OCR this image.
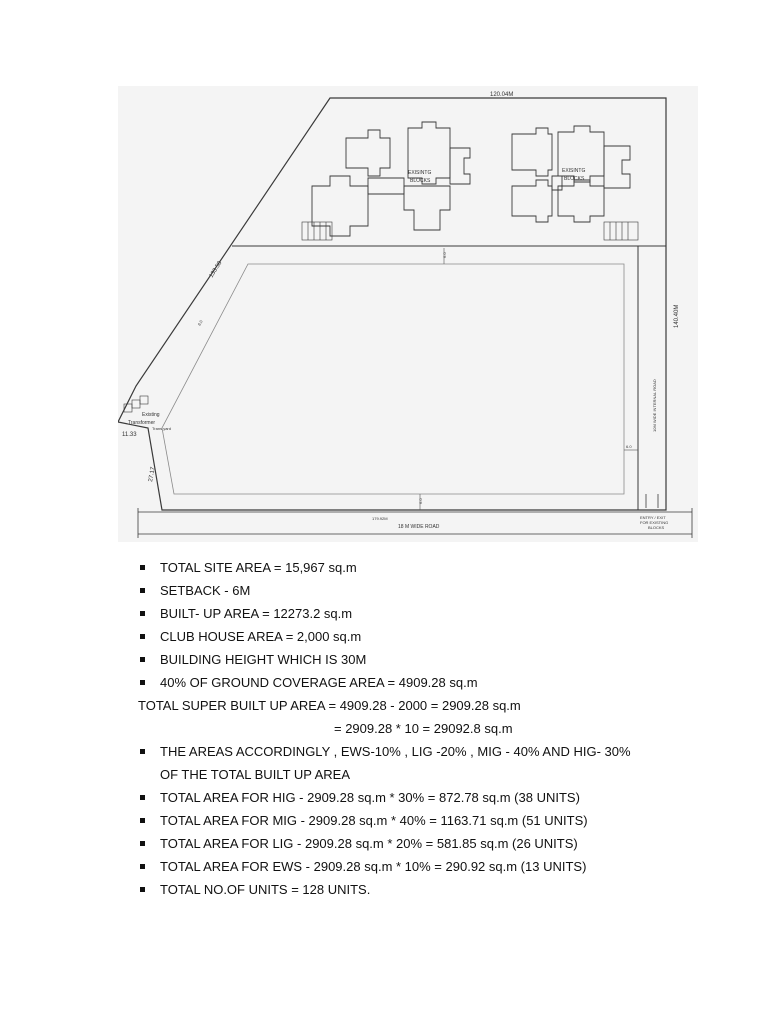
120.04M
133.50
140.40M
27.17
11.33
6.0
6.0
6.0
6.0
179.92M
18 M WIDE ROAD
10M WIDE INTERNAL ROAD
ENTRY / EXIT
FOR EXISTING
BLOCKS
EXISINTG
BLOCKS
EXISINTG
BLOCKS
Existing
Transformer
Trans yard
TOTAL SITE AREA = 15,967 sq.m
SETBACK - 6M
BUILT- UP AREA = 12273.2 sq.m
CLUB HOUSE AREA = 2,000 sq.m
BUILDING HEIGHT WHICH IS 30M
40% OF GROUND COVERAGE AREA = 4909.28 sq.m
TOTAL SUPER BUILT UP AREA = 4909.28 - 2000 = 2909.28 sq.m
= 2909.28 * 10 = 29092.8 sq.m
THE AREAS ACCORDINGLY , EWS-10% , LIG -20% , MIG - 40% AND HIG- 30%
OF THE TOTAL BUILT UP AREA
TOTAL AREA FOR HIG - 2909.28 sq.m * 30% = 872.78 sq.m (38 UNITS)
TOTAL AREA FOR MIG - 2909.28 sq.m * 40% = 1163.71 sq.m (51 UNITS)
TOTAL AREA FOR LIG - 2909.28 sq.m * 20% = 581.85 sq.m (26 UNITS)
TOTAL AREA FOR EWS - 2909.28 sq.m * 10% = 290.92 sq.m (13 UNITS)
TOTAL NO.OF UNITS = 128 UNITS.
